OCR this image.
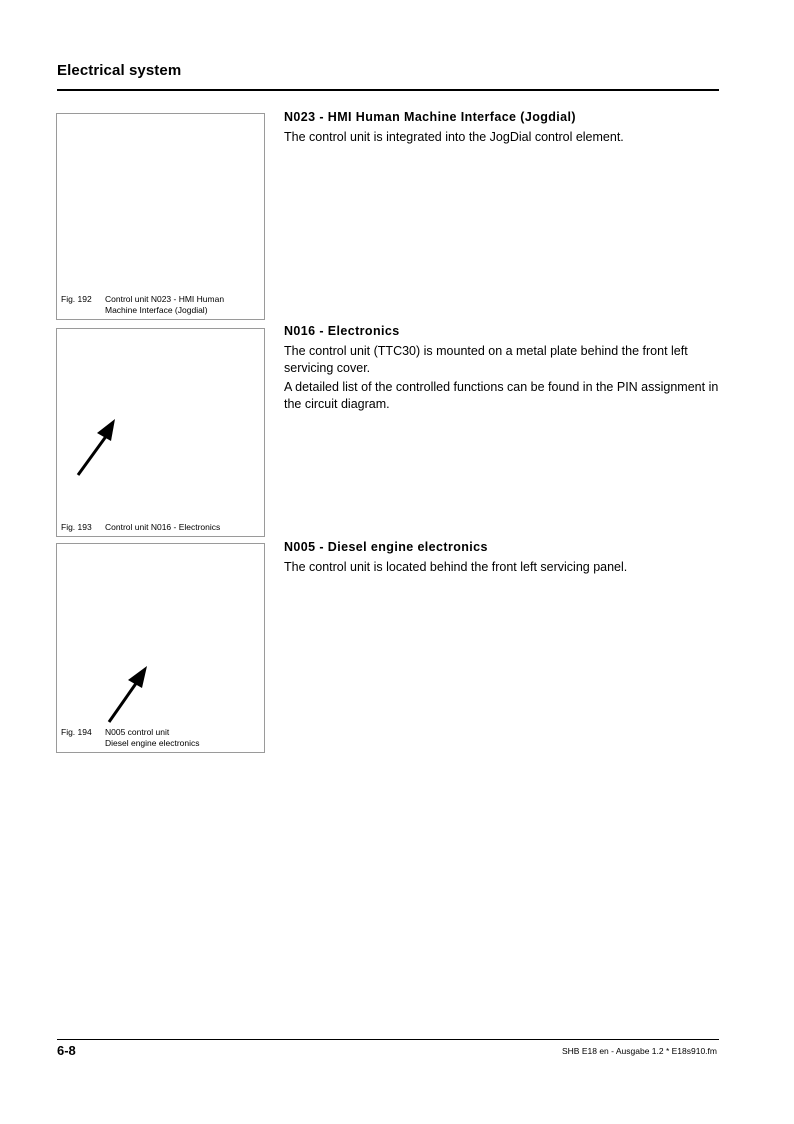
Electrical system
Fig. 192 Control unit N023 - HMI Human
Machine Interface (Jogdial)
Fig. 193 Control unit N016 - Electronics
Fig. 194 N005 control unit
Diesel engine electronics
N023 - HMI Human Machine Interface (Jogdial)

The control unit is integrated into the JogDial control element.

N016 - Electronics

The control unit (TTC30) is mounted on a metal plate behind the front left servicing cover.

A detailed list of the controlled functions can be found in the PIN assignment in the circuit diagram.

N005 - Diesel engine electronics

The control unit is located behind the front left servicing panel.

6-8	SHB E18 en - Ausgabe 1.2 * E18s910.fm
